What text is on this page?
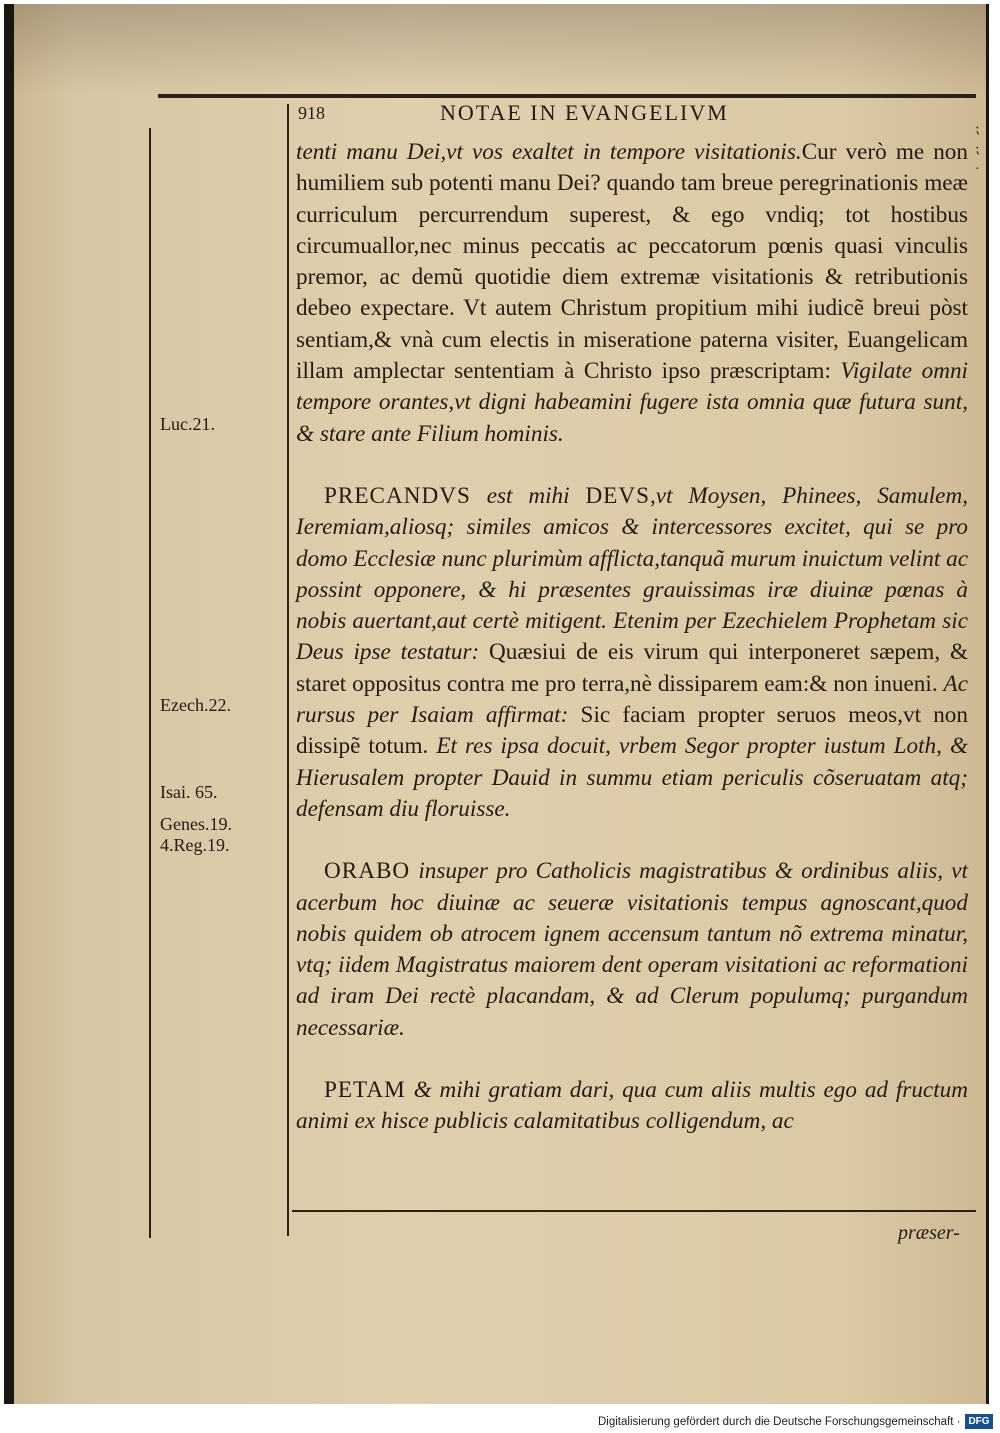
918	NOTAE IN EVANGELIVM
Luc.21.
Ezech.22.
Isai. 65.
Genes.19.
4.Reg.19.

tenti manu Dei,vt vos exaltet in tempore visitationis.Cur verò me non humiliem sub potenti manu Dei? quando tam breue peregrinationis meæ curriculum percurrendum superest, & ego vndiq; tot hostibus circumuallor,nec minus peccatis ac peccatorum pœnis quasi vinculis premor, ac demũ quotidie diem extremæ visitationis & retributionis debeo expectare. Vt autem Christum propitium mihi iudicẽ breui pòst sentiam,& vnà cum electis in miseratione paterna visiter, Euangelicam illam amplectar sententiam à Christo ipso præscriptam: Vigilate omni tempore orantes,vt digni habeamini fugere ista omnia quæ futura sunt, & stare ante Filium hominis.

PRECANDVS est mihi DEVS,vt Moysen, Phinees, Samulem, Ieremiam,aliosq; similes amicos & intercessores excitet, qui se pro domo Ecclesiæ nunc plurimùm afflicta,tanquã murum inuictum velint ac possint opponere, & hi præsentes grauissimas iræ diuinæ pœnas à nobis auertant,aut certè mitigent. Etenim per Ezechielem Prophetam sic Deus ipse testatur: Quæsiui de eis virum qui interponeret sæpem, & staret oppositus contra me pro terra,nè dissiparem eam:& non inueni. Ac rursus per Isaiam affirmat: Sic faciam propter seruos meos,vt non dissipẽ totum. Et res ipsa docuit, vrbem Segor propter iustum Loth, & Hierusalem propter Dauid in summu etiam periculis cõseruatam atq; defensam diu floruisse.

ORABO insuper pro Catholicis magistratibus & ordinibus aliis, vt acerbum hoc diuinæ ac seueræ visitationis tempus agnoscant,quod nobis quidem ob atrocem ignem accensum tantum nõ extrema minatur, vtq; iidem Magistratus maiorem dent operam visitationi ac reformationi ad iram Dei rectè placandam, & ad Clerum populumq; purgandum necessariæ.

PETAM & mihi gratiam dari, qua cum aliis multis ego ad fructum animi ex hisce publicis calamitatibus colligendum, ac

præser-
⁏
⁏
·
Digitalisierung gefördert durch die Deutsche Forschungsgemeinschaft · DFG
